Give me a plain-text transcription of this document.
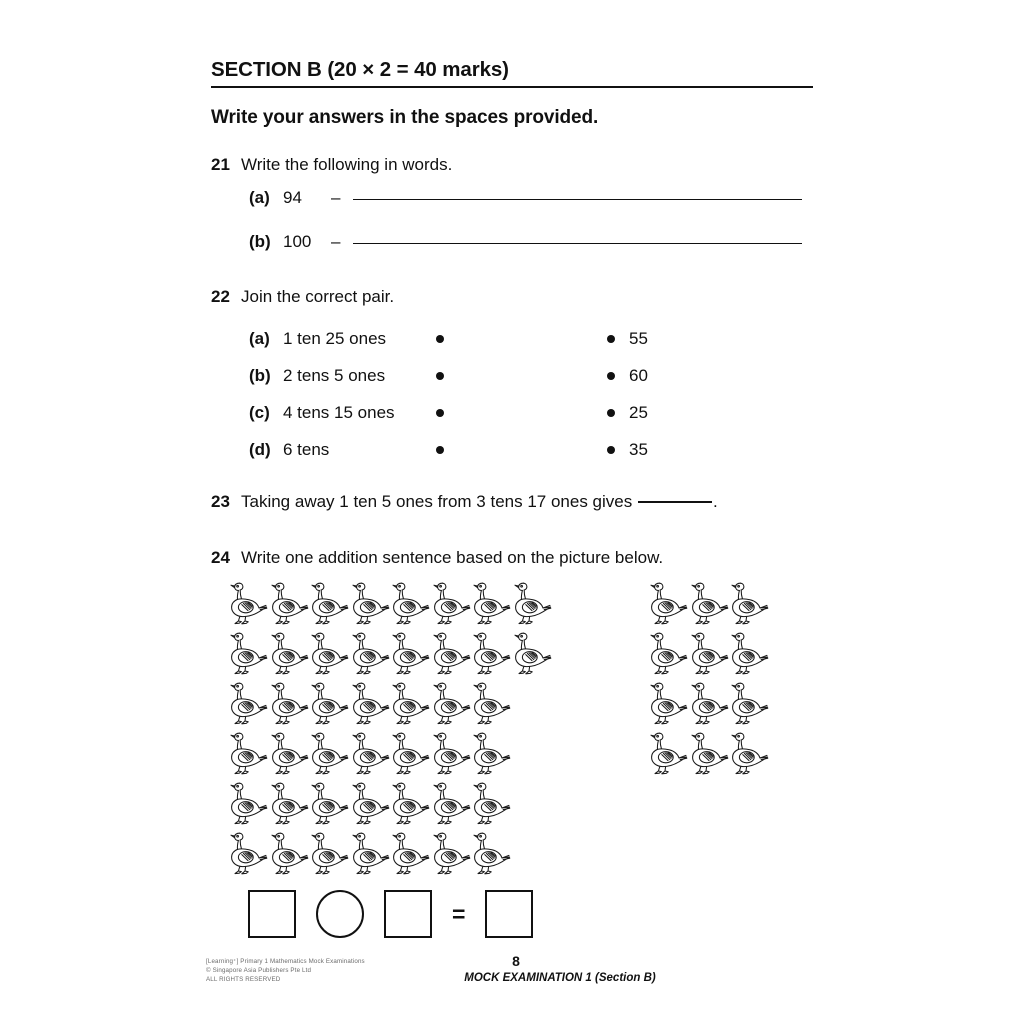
SECTION B (20 × 2 = 40 marks)
Write your answers in the spaces provided.
21 Write the following in words.
(a) 94	–
(b) 100	–
22 Join the correct pair.
(a) 1 ten 25 ones	55
(b) 2 tens 5 ones	60
(c) 4 tens 15 ones	25
(d) 6 tens	35
23 Taking away 1 ten 5 ones from 3 tens 17 ones gives	.
24 Write one addition sentence based on the picture below.
=
[Learning⁺] Primary 1 Mathematics Mock Examinations
© Singapore Asia Publishers Pte Ltd
ALL RIGHTS RESERVED
8
MOCK EXAMINATION 1 (Section B)
